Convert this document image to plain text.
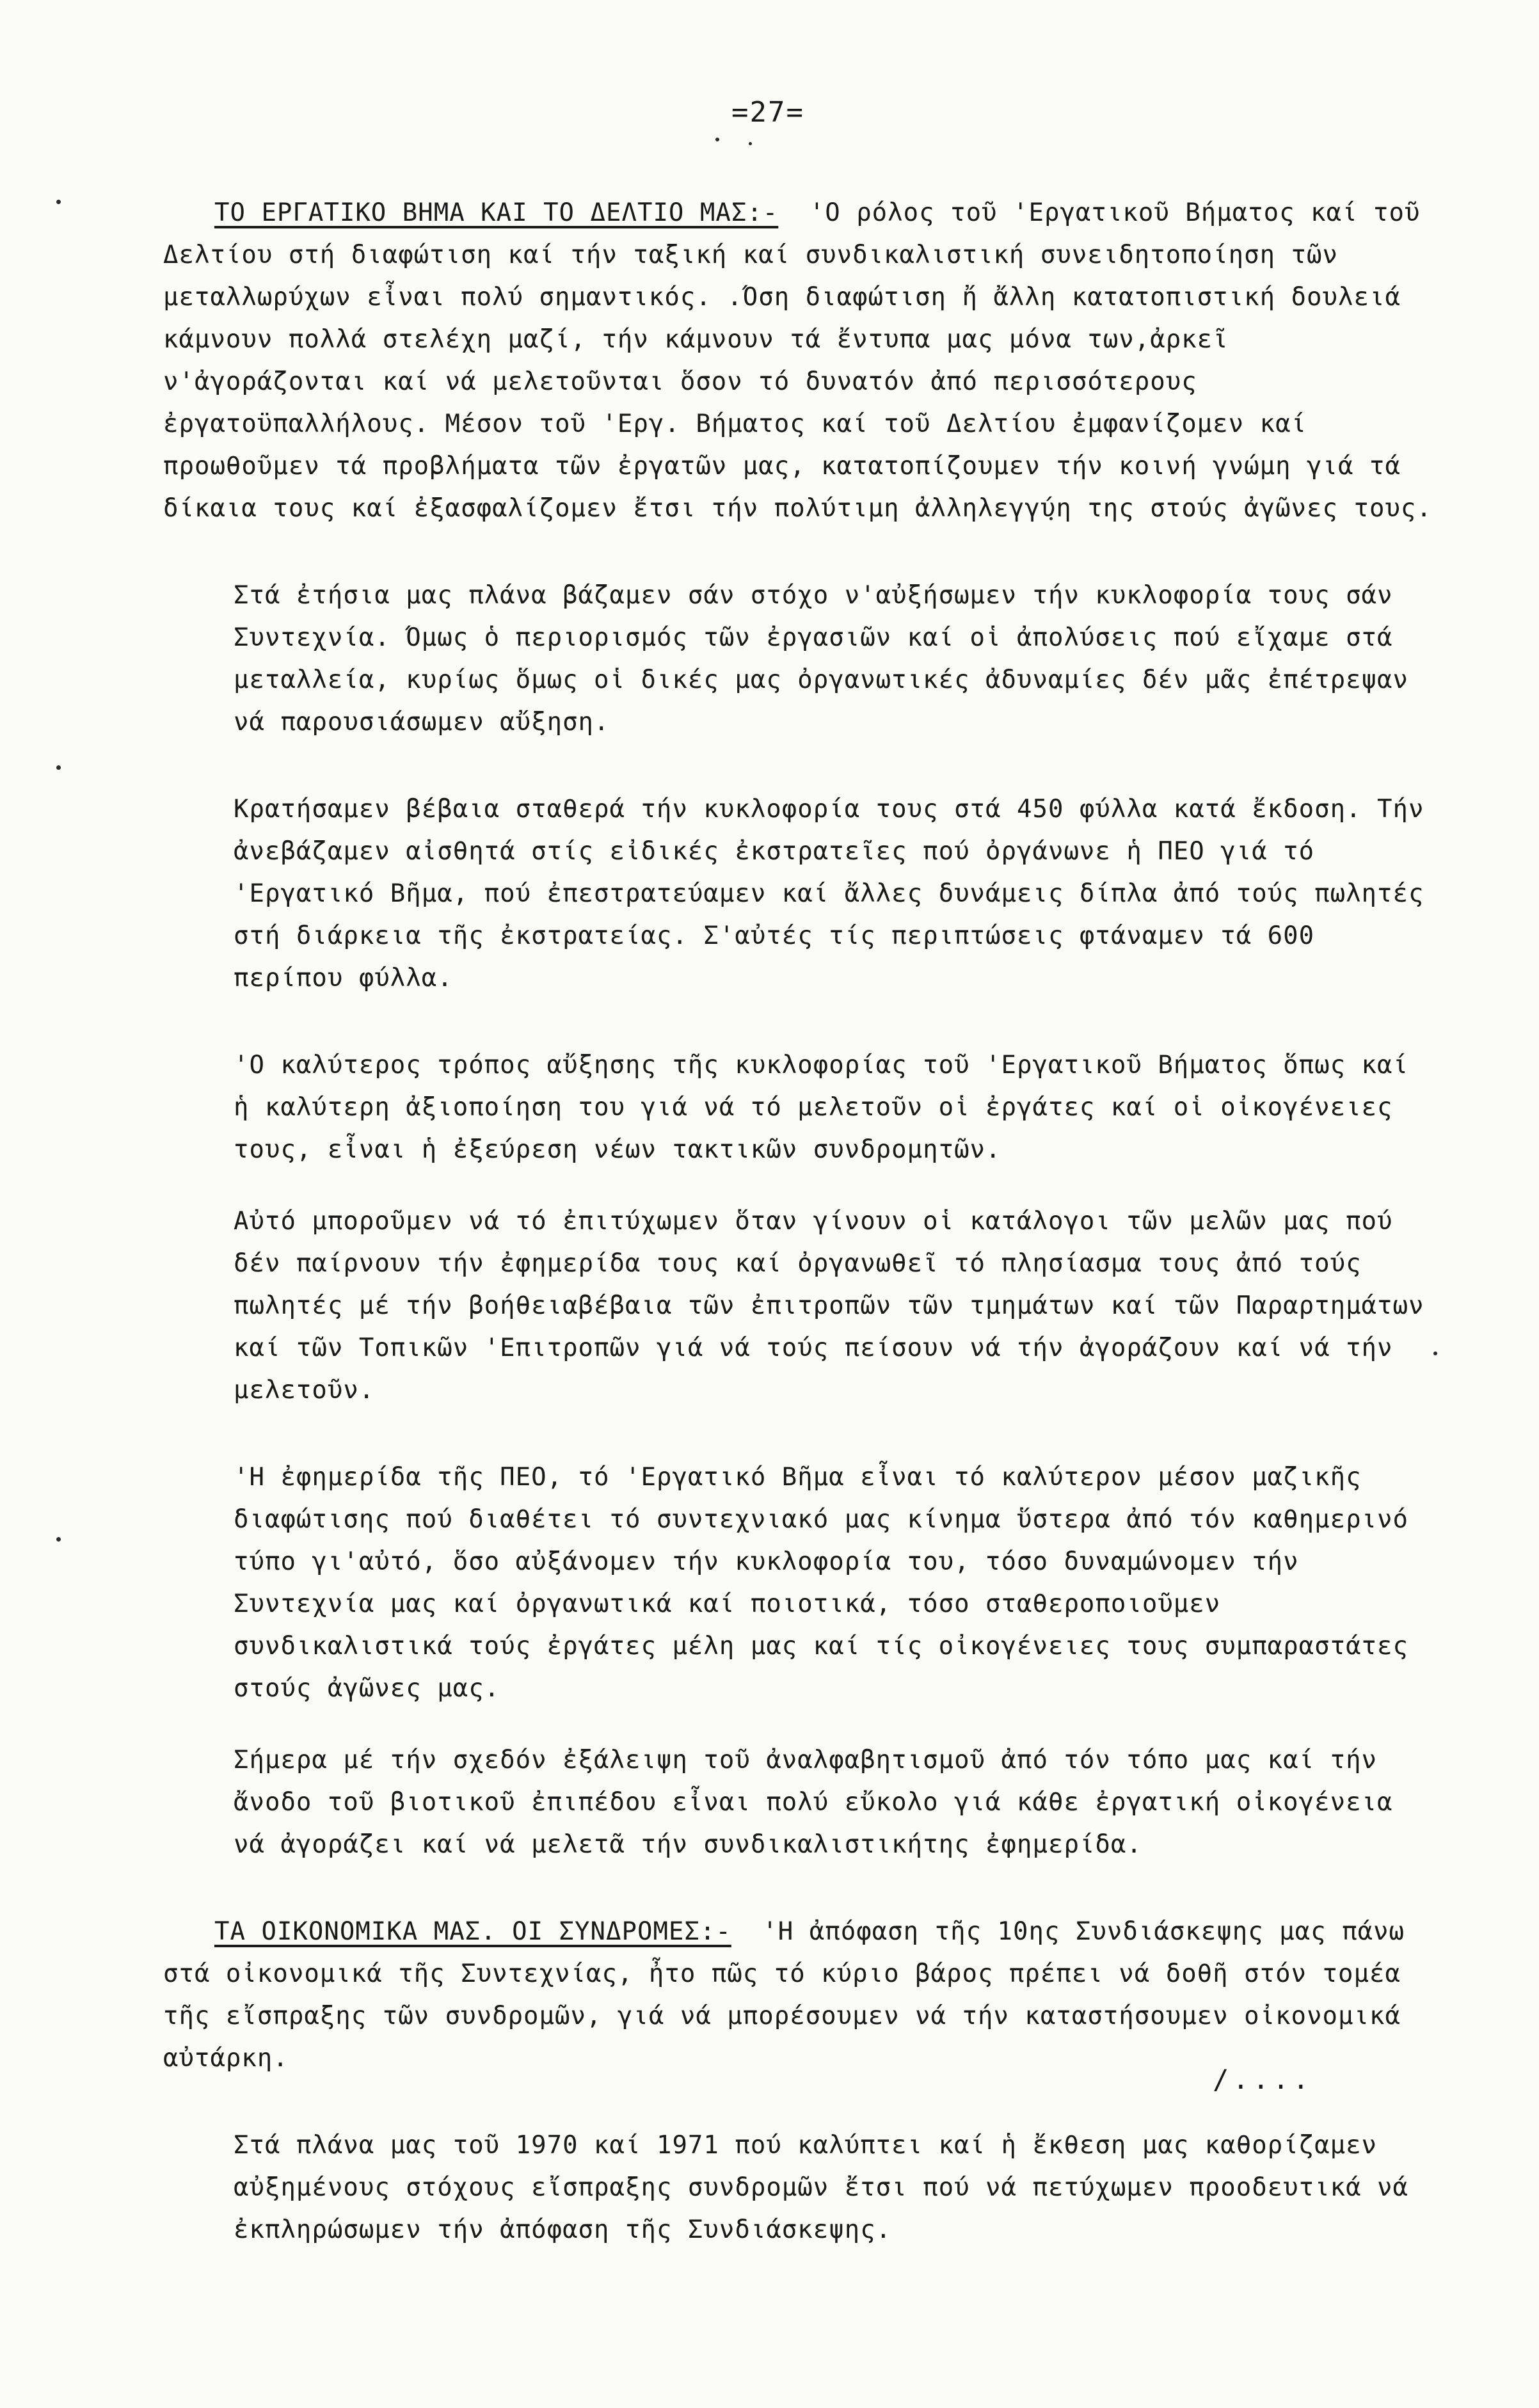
=27=

ΤΟ ΕΡΓΑΤΙΚΟ ΒΗΜΑ ΚΑΙ ΤΟ ΔΕΛΤΙΟ ΜΑΣ:- 'Ο ρόλος τοῦ 'Εργατικοῦ Βήματος καί τοῦ Δελτίου στή διαφώτιση καί τήν ταξική καί συνδικαλιστική συνειδητοποίηση τῶν μεταλλωρύχων εἶναι πολύ σημαντικός. .Όση διαφώτιση ἤ ἄλλη κατατοπιστική δουλειά κάμνουν πολλά στελέχη μαζί, τήν κάμνουν τά ἔντυπα μας μόνα των,ἀρκεῖ ν'ἀγοράζονται καί νά μελετοῦνται ὅσον τό δυνατόν ἀπό περισσότερους ἐργατοϋπαλλήλους. Μέσον τοῦ 'Εργ. Βήματος καί τοῦ Δελτίου ἐμφανίζομεν καί προωθοῦμεν τά προβλήματα τῶν ἐργατῶν μας, κατατοπίζουμεν τήν κοινή γνώμη γιά τά δίκαια τους καί ἐξασφαλίζομεν ἔτσι τήν πολύτιμη ἀλληλεγγύη της στούς ἀγῶνες τους.

Στά ἐτήσια μας πλάνα βάζαμεν σάν στόχο ν'αὐξήσωμεν τήν κυκλοφορία τους σάν Συντεχνία. Όμως ὁ περιορισμός τῶν ἐργασιῶν καί οἱ ἀπολύσεις πού εἴχαμε στά μεταλλεία, κυρίως ὅμως οἱ δικές μας ὀργανωτικές ἀδυναμίες δέν μᾶς ἐπέτρεψαν νά παρουσιάσωμεν αὔξηση.

Κρατήσαμεν βέβαια σταθερά τήν κυκλοφορία τους στά 450 φύλλα κατά ἔκδοση. Τήν ἀνεβάζαμεν αἰσθητά στίς εἰδικές ἐκστρατεῖες πού ὀργάνωνε ἡ ΠΕΟ γιά τό 'Εργατικό Βῆμα, πού ἐπεστρατεύαμεν καί ἄλλες δυνάμεις δίπλα ἀπό τούς πωλητές στή διάρκεια τῆς ἐκστρατείας. Σ'αὐτές τίς περιπτώσεις φτάναμεν τά 600 περίπου φύλλα.

'Ο καλύτερος τρόπος αὔξησης τῆς κυκλοφορίας τοῦ 'Εργατικοῦ Βήματος ὅπως καί ἡ καλύτερη ἀξιοποίηση του γιά νά τό μελετοῦν οἱ ἐργάτες καί οἱ οἰκογένειες τους, εἶναι ἡ ἐξεύρεση νέων τακτικῶν συνδρομητῶν.

Αὐτό μποροῦμεν νά τό ἐπιτύχωμεν ὅταν γίνουν οἱ κατάλογοι τῶν μελῶν μας πού δέν παίρνουν τήν ἐφημερίδα τους καί ὀργανωθεῖ τό πλησίασμα τους ἀπό τούς πωλητές μέ τήν βοήθειαβέβαια τῶν ἐπιτροπῶν τῶν τμημάτων καί τῶν Παραρτημάτων καί τῶν Τοπικῶν 'Επιτροπῶν γιά νά τούς πείσουν νά τήν ἀγοράζουν καί νά τήν μελετοῦν.

'Η ἐφημερίδα τῆς ΠΕΟ, τό 'Εργατικό Βῆμα εἶναι τό καλύτερον μέσον μαζικῆς διαφώτισης πού διαθέτει τό συντεχνιακό μας κίνημα ὕστερα ἀπό τόν καθημερινό τύπο γι'αὐτό, ὅσο αὐξάνομεν τήν κυκλοφορία του, τόσο δυναμώνομεν τήν Συντεχνία μας καί ὀργανωτικά καί ποιοτικά, τόσο σταθεροποιοῦμεν συνδικαλιστικά τούς ἐργάτες μέλη μας καί τίς οἰκογένειες τους συμπαραστάτες στούς ἀγῶνες μας.

Σήμερα μέ τήν σχεδόν ἐξάλειψη τοῦ ἀναλφαβητισμοῦ ἀπό τόν τόπο μας καί τήν ἄνοδο τοῦ βιοτικοῦ ἐπιπέδου εἶναι πολύ εὔκολο γιά κάθε ἐργατική οἰκογένεια νά ἀγοράζει καί νά μελετᾶ τήν συνδικαλιστικήτης ἐφημερίδα.

ΤΑ ΟΙΚΟΝΟΜΙΚΑ ΜΑΣ. ΟΙ ΣΥΝΔΡΟΜΕΣ:- 'Η ἀπόφαση τῆς 10ης Συνδιάσκεψης μας πάνω στά οἰκονομικά τῆς Συντεχνίας, ἦτο πῶς τό κύριο βάρος πρέπει νά δοθῆ στόν τομέα τῆς εἴσπραξης τῶν συνδρομῶν, γιά νά μπορέσουμεν νά τήν καταστήσουμεν οἰκονομικά αὐτάρκη.

Στά πλάνα μας τοῦ 1970 καί 1971 πού καλύπτει καί ἡ ἔκθεση μας καθορίζαμεν αὐξημένους στόχους εἴσπραξης συνδρομῶν ἔτσι πού νά πετύχωμεν προοδευτικά νά ἐκπληρώσωμεν τήν ἀπόφαση τῆς Συνδιάσκεψης.

/....
